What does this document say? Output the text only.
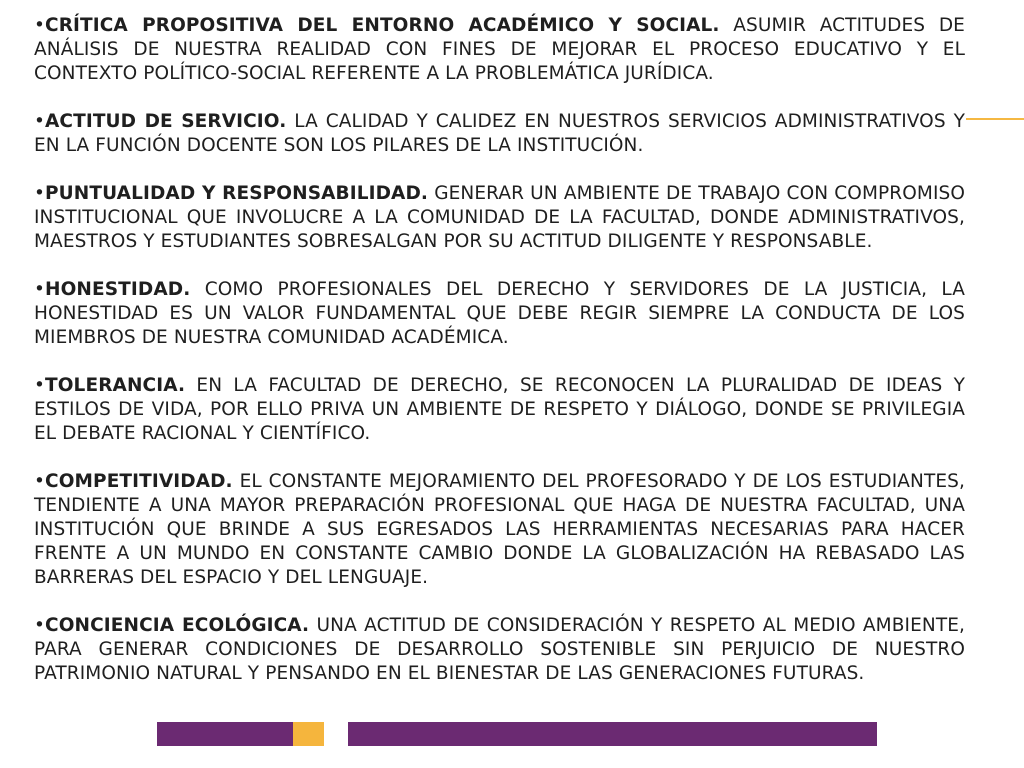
•CRÍTICA PROPOSITIVA DEL ENTORNO ACADÉMICO Y SOCIAL. ASUMIR ACTITUDES DE ANÁLISIS DE NUESTRA REALIDAD CON FINES DE MEJORAR EL PROCESO EDUCATIVO Y EL CONTEXTO POLÍTICO-SOCIAL REFERENTE A LA PROBLEMÁTICA JURÍDICA.

•ACTITUD DE SERVICIO. LA CALIDAD Y CALIDEZ EN NUESTROS SERVICIOS ADMINISTRATIVOS Y EN LA FUNCIÓN DOCENTE SON LOS PILARES DE LA INSTITUCIÓN.

•PUNTUALIDAD Y RESPONSABILIDAD. GENERAR UN AMBIENTE DE TRABAJO CON COMPROMISO INSTITUCIONAL QUE INVOLUCRE A LA COMUNIDAD DE LA FACULTAD, DONDE ADMINISTRATIVOS, MAESTROS Y ESTUDIANTES SOBRESALGAN POR SU ACTITUD DILIGENTE Y RESPONSABLE.

•HONESTIDAD. COMO PROFESIONALES DEL DERECHO Y SERVIDORES DE LA JUSTICIA, LA HONESTIDAD ES UN VALOR FUNDAMENTAL QUE DEBE REGIR SIEMPRE LA CONDUCTA DE LOS MIEMBROS DE NUESTRA COMUNIDAD ACADÉMICA.

•TOLERANCIA. EN LA FACULTAD DE DERECHO, SE RECONOCEN LA PLURALIDAD DE IDEAS Y ESTILOS DE VIDA, POR ELLO PRIVA UN AMBIENTE DE RESPETO Y DIÁLOGO, DONDE SE PRIVILEGIA EL DEBATE RACIONAL Y CIENTÍFICO.

•COMPETITIVIDAD. EL CONSTANTE MEJORAMIENTO DEL PROFESORADO Y DE LOS ESTUDIANTES, TENDIENTE A UNA MAYOR PREPARACIÓN PROFESIONAL QUE HAGA DE NUESTRA FACULTAD, UNA INSTITUCIÓN QUE BRINDE A SUS EGRESADOS LAS HERRAMIENTAS NECESARIAS PARA HACER FRENTE A UN MUNDO EN CONSTANTE CAMBIO DONDE LA GLOBALIZACIÓN HA REBASADO LAS BARRERAS DEL ESPACIO Y DEL LENGUAJE.

•CONCIENCIA ECOLÓGICA. UNA ACTITUD DE CONSIDERACIÓN Y RESPETO AL MEDIO AMBIENTE, PARA GENERAR CONDICIONES DE DESARROLLO SOSTENIBLE SIN PERJUICIO DE NUESTRO PATRIMONIO NATURAL Y PENSANDO EN EL BIENESTAR DE LAS GENERACIONES FUTURAS.
